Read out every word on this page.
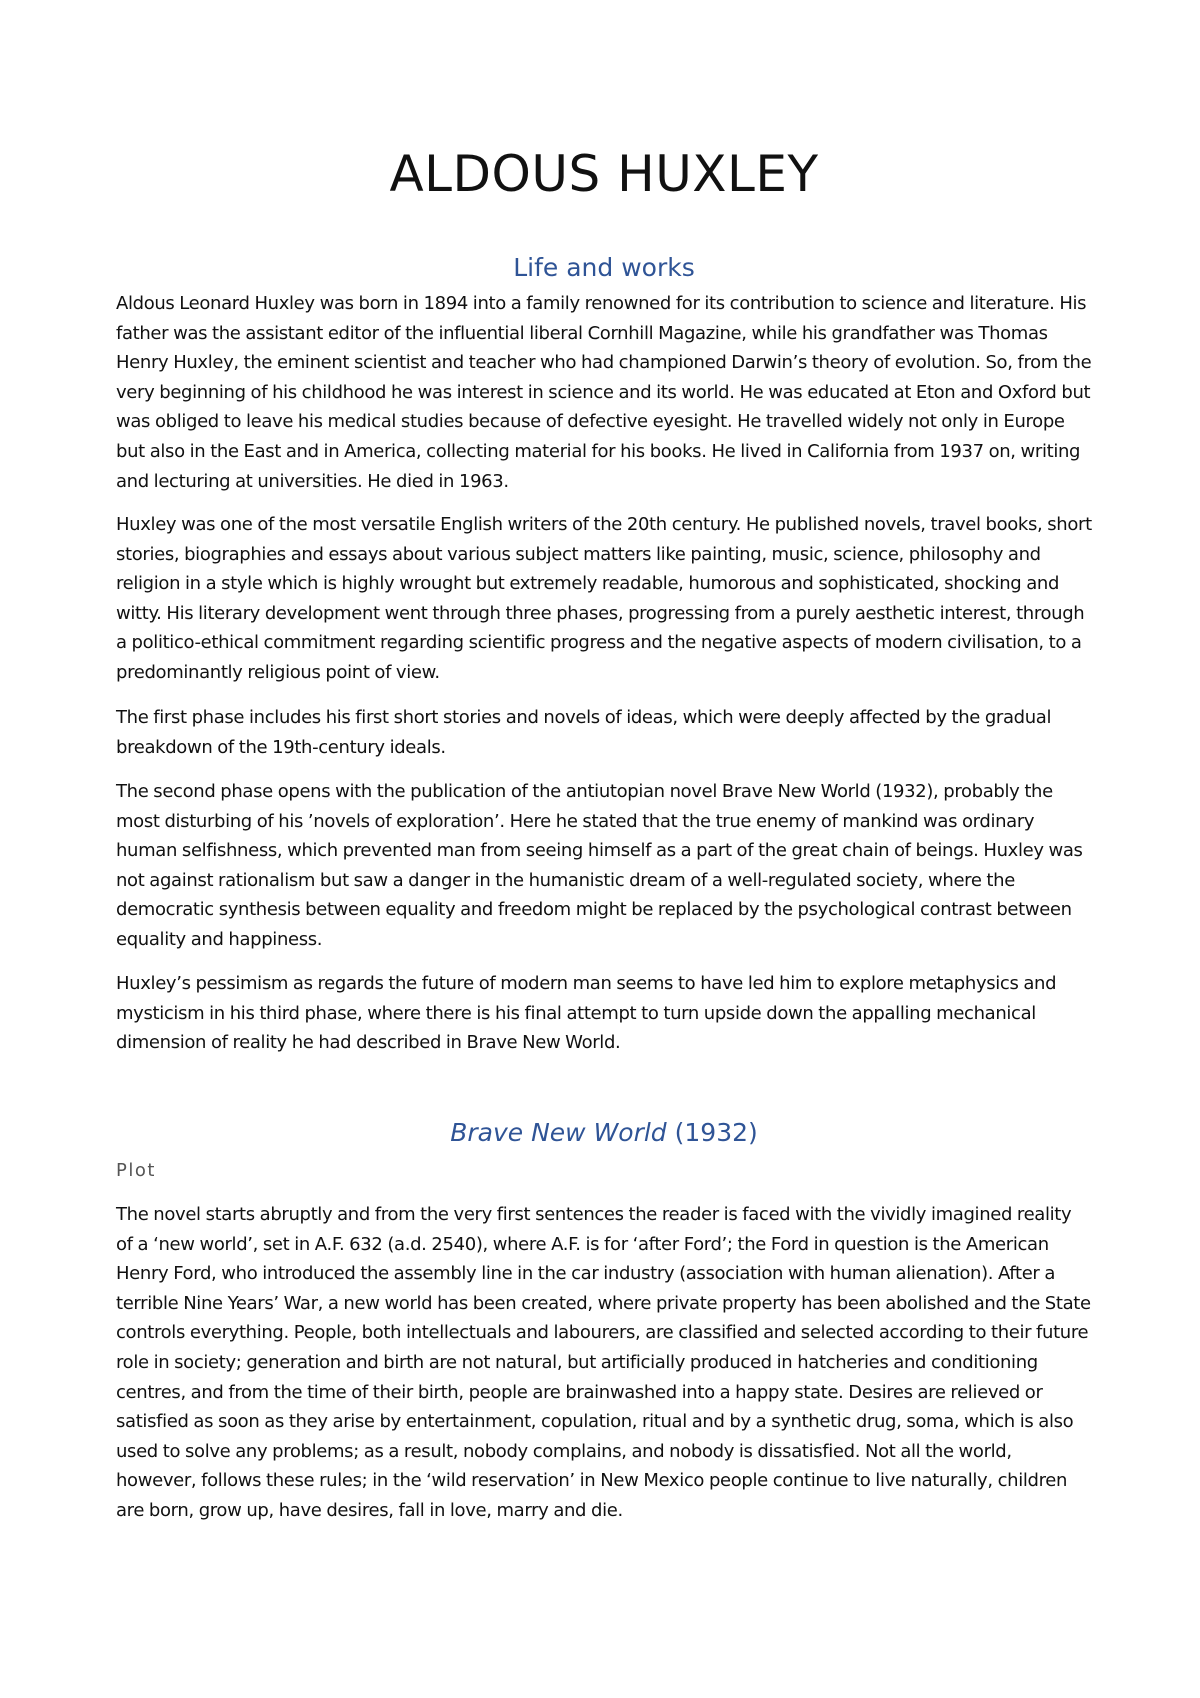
ALDOUS HUXLEY
Life and works

Aldous Leonard Huxley was born in 1894 into a family renowned for its contribution to science and literature. His father was the assistant editor of the influential liberal Cornhill Magazine, while his grandfather was Thomas Henry Huxley, the eminent scientist and teacher who had championed Darwin’s theory of evolution. So, from the very beginning of his childhood he was interest in science and its world. He was educated at Eton and Oxford but was obliged to leave his medical studies because of defective eyesight. He travelled widely not only in Europe but also in the East and in America, collecting material for his books. He lived in California from 1937 on, writing and lecturing at universities. He died in 1963.

Huxley was one of the most versatile English writers of the 20th century. He published novels, travel books, short stories, biographies and essays about various subject matters like painting, music, science, philosophy and religion in a style which is highly wrought but extremely readable, humorous and sophisticated, shocking and witty. His literary development went through three phases, progressing from a purely aesthetic interest, through a politico-ethical commitment regarding scientific progress and the negative aspects of modern civilisation, to a predominantly religious point of view.

The first phase includes his first short stories and novels of ideas, which were deeply affected by the gradual breakdown of the 19th-century ideals.

The second phase opens with the publication of the antiutopian novel Brave New World (1932), probably the most disturbing of his ’novels of exploration’. Here he stated that the true enemy of mankind was ordinary human selfishness, which prevented man from seeing himself as a part of the great chain of beings. Huxley was not against rationalism but saw a danger in the humanistic dream of a well-regulated society, where the democratic synthesis between equality and freedom might be replaced by the psychological contrast between equality and happiness.

Huxley’s pessimism as regards the future of modern man seems to have led him to explore metaphysics and mysticism in his third phase, where there is his final attempt to turn upside down the appalling mechanical dimension of reality he had described in Brave New World.

Brave New World (1932)

Plot

The novel starts abruptly and from the very first sentences the reader is faced with the vividly imagined reality of a ‘new world’, set in A.F. 632 (a.d. 2540), where A.F. is for ‘after Ford’; the Ford in question is the American Henry Ford, who introduced the assembly line in the car industry (association with human alienation). After a terrible Nine Years’ War, a new world has been created, where private property has been abolished and the State controls everything. People, both intellectuals and labourers, are classified and selected according to their future role in society; generation and birth are not natural, but artificially produced in hatcheries and conditioning centres, and from the time of their birth, people are brainwashed into a happy state. Desires are relieved or satisfied as soon as they arise by entertainment, copulation, ritual and by a synthetic drug, soma, which is also used to solve any problems; as a result, nobody complains, and nobody is dissatisfied. Not all the world, however, follows these rules; in the ‘wild reservation’ in New Mexico people continue to live naturally, children are born, grow up, have desires, fall in love, marry and die.
